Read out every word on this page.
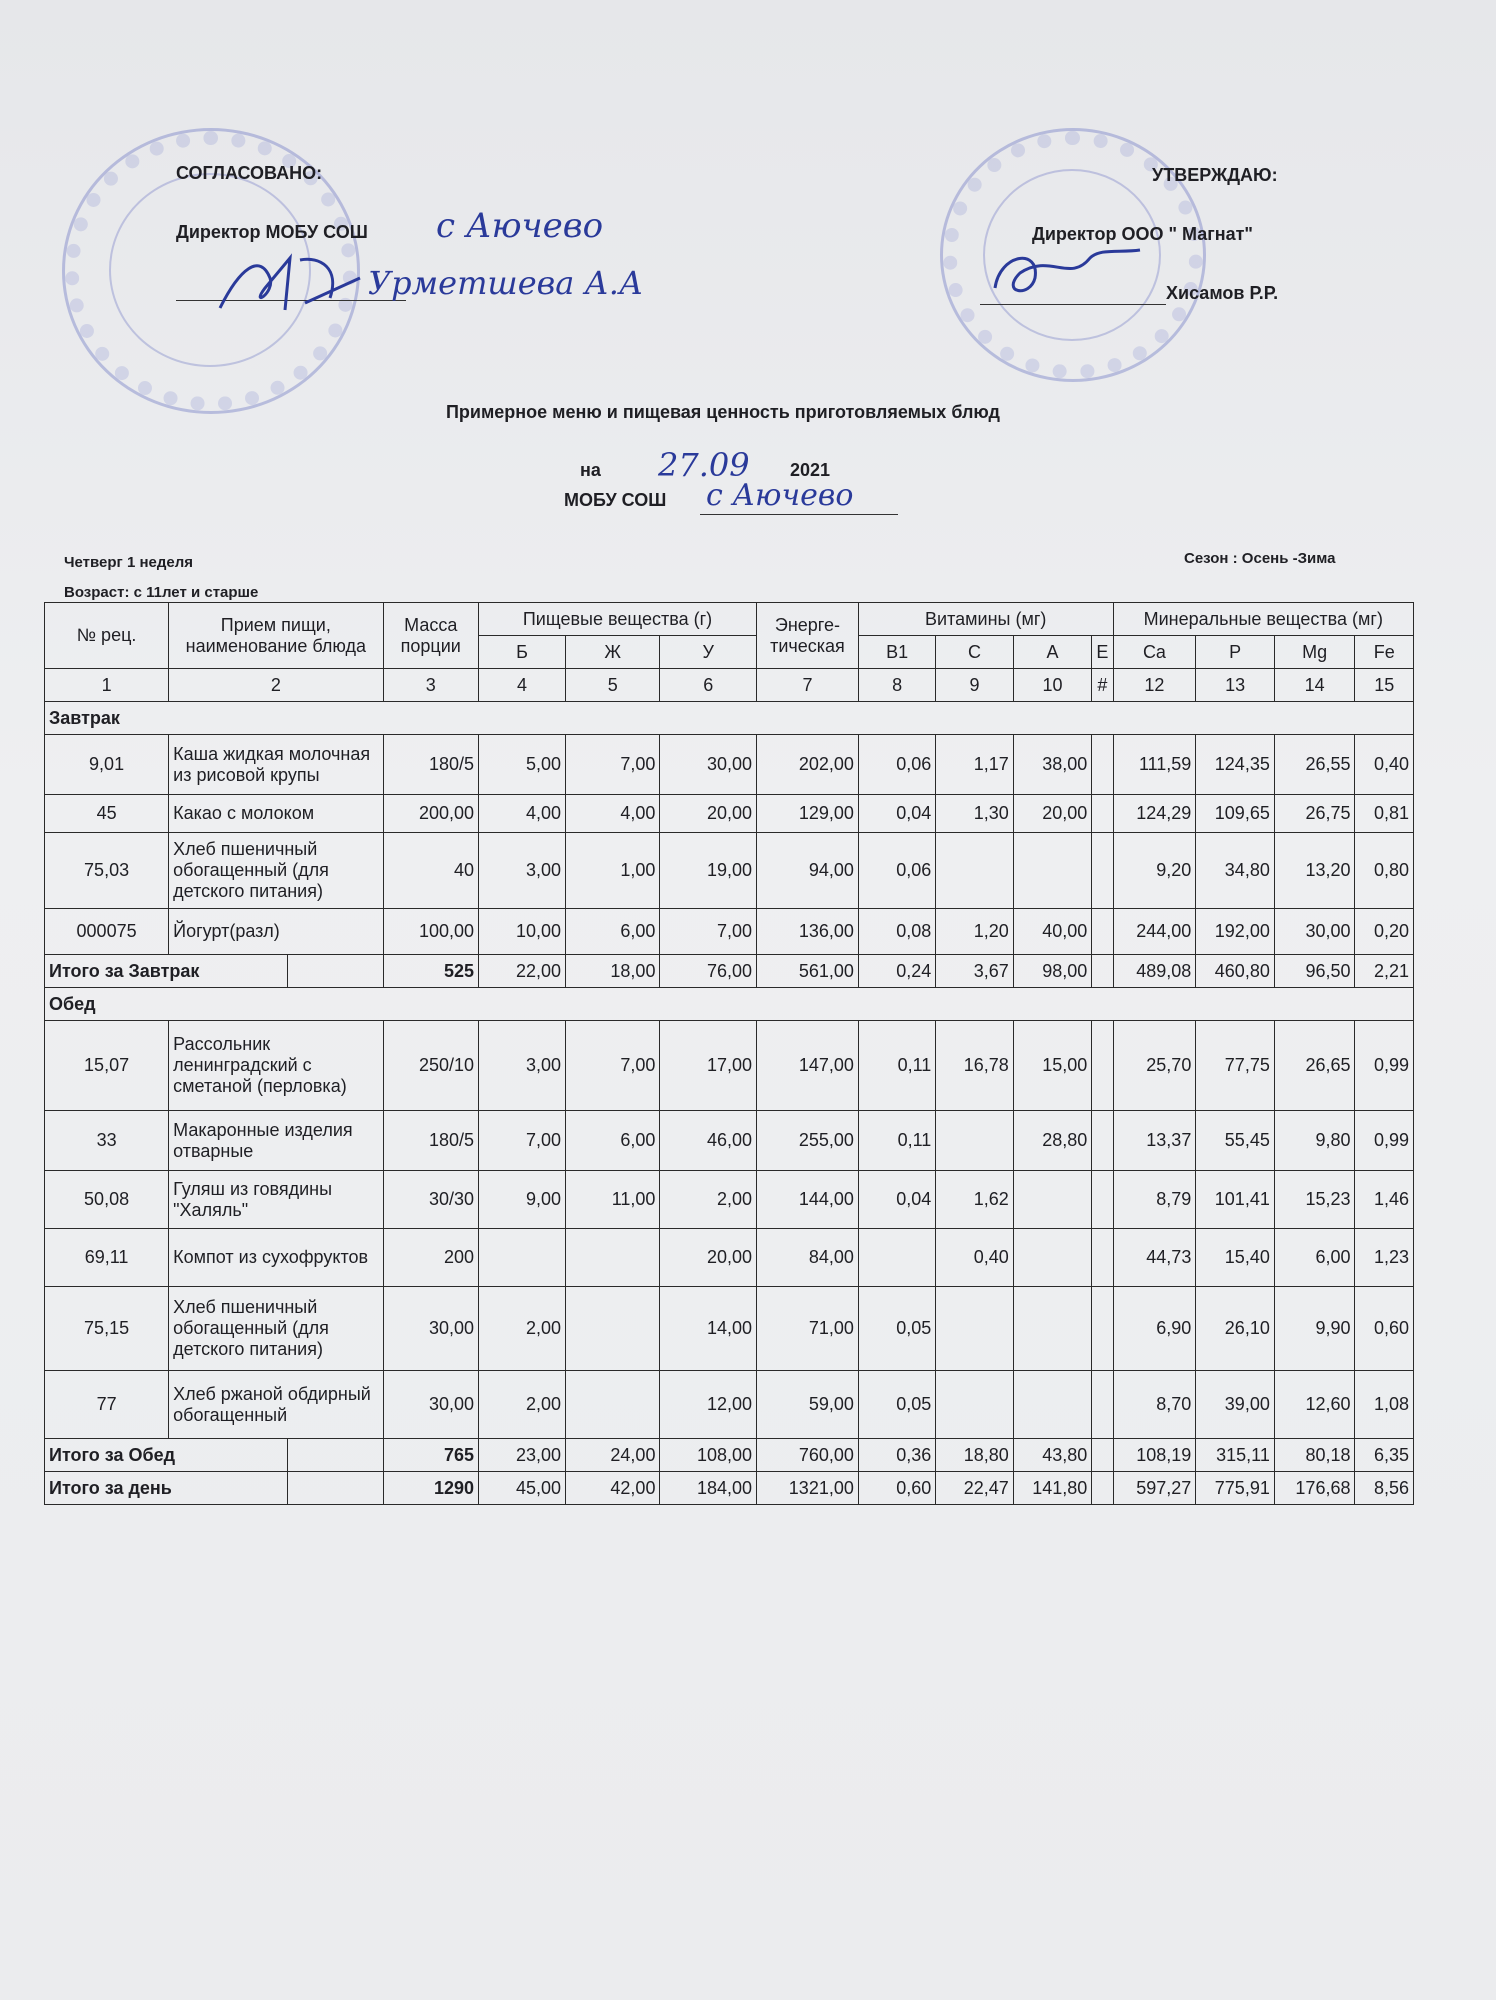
СОГЛАСОВАНО:
Директор МОБУ СОШ с Аючево
Урметшева А.А
УТВЕРЖДАЮ:
Директор ООО " Магнат"
Хисамов Р.Р.
Примерное меню и пищевая ценность приготовляемых блюд
на 27.09 2021
МОБУ СОШ с Аючево
Четверг 1 неделя	Сезон : Осень -Зима
Возраст: с 11лет и старше
№ рец.	Прием пищи, наименование блюда		Масса порции	Пищевые вещества (г)			Энерге-тическая	Витамины (мг)				Минеральные вещества (мг)			
				Б	Ж	У		B1	C	A	E	Ca	P	Mg	Fe
1	2		3	4	5	6	7	8	9	10	#	12	13	14	15
Завтрак															
9,01	Каша жидкая молочная из рисовой крупы		180/5	5,00	7,00	30,00	202,00	0,06	1,17	38,00		111,59	124,35	26,55	0,40
45	Какао с молоком		200,00	4,00	4,00	20,00	129,00	0,04	1,30	20,00		124,29	109,65	26,75	0,81
75,03	Хлеб пшеничный обогащенный (для детского питания)		40	3,00	1,00	19,00	94,00	0,06				9,20	34,80	13,20	0,80
000075	Йогурт(разл)		100,00	10,00	6,00	7,00	136,00	0,08	1,20	40,00		244,00	192,00	30,00	0,20
Итого за Завтрак			525	22,00	18,00	76,00	561,00	0,24	3,67	98,00		489,08	460,80	96,50	2,21
Обед															
15,07	Рассольник ленинградский с сметаной (перловка)		250/10	3,00	7,00	17,00	147,00	0,11	16,78	15,00		25,70	77,75	26,65	0,99
33	Макаронные изделия отварные		180/5	7,00	6,00	46,00	255,00	0,11		28,80		13,37	55,45	9,80	0,99
50,08	Гуляш из говядины "Халяль"		30/30	9,00	11,00	2,00	144,00	0,04	1,62			8,79	101,41	15,23	1,46
69,11	Компот из сухофруктов		200			20,00	84,00		0,40			44,73	15,40	6,00	1,23
75,15	Хлеб пшеничный обогащенный (для детского питания)		30,00	2,00		14,00	71,00	0,05				6,90	26,10	9,90	0,60
77	Хлеб ржаной обдирный обогащенный		30,00	2,00		12,00	59,00	0,05				8,70	39,00	12,60	1,08
Итого за Обед			765	23,00	24,00	108,00	760,00	0,36	18,80	43,80		108,19	315,11	80,18	6,35
Итого за день			1290	45,00	42,00	184,00	1321,00	0,60	22,47	141,80		597,27	775,91	176,68	8,56
